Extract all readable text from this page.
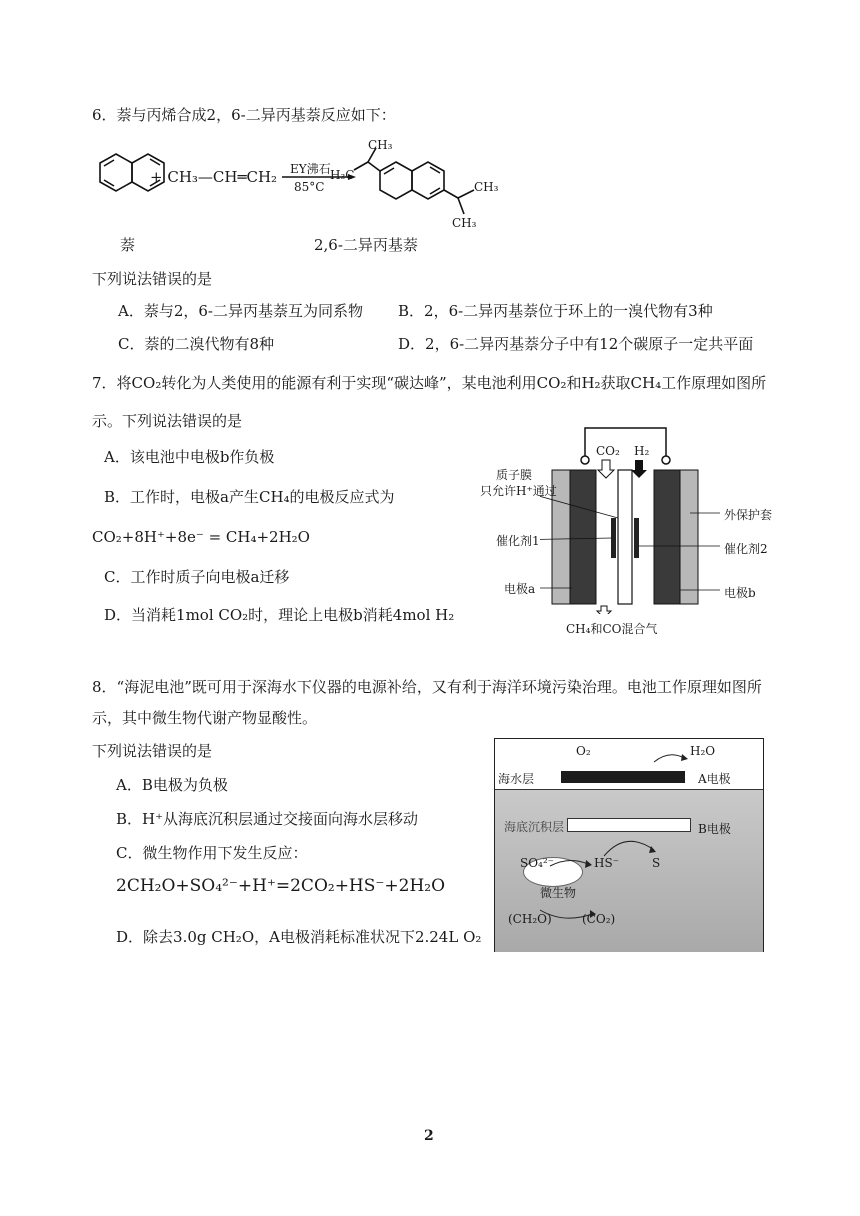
6．萘与丙烯合成2，6-二异丙基萘反应如下：
+ CH₃—CH═CH₂ EY沸石
85°C
H₃C
CH₃
CH₃
CH₃
萘	2,6-二异丙基萘
下列说法错误的是
A．萘与2，6-二异丙基萘互为同系物 B．2，6-二异丙基萘位于环上的一溴代物有3种
C．萘的二溴代物有8种	D．2，6-二异丙基萘分子中有12个碳原子一定共平面
7．将CO₂转化为人类使用的能源有利于实现“碳达峰”，某电池利用CO₂和H₂获取CH₄工作原理如图所
示。下列说法错误的是
A．该电池中电极b作负极
B．工作时，电极a产生CH₄的电极反应式为
CO₂+8H⁺+8e⁻ = CH₄+2H₂O
C．工作时质子向电极a迁移
D．当消耗1mol CO₂时，理论上电极b消耗4mol H₂
CO₂ H₂
质子膜
只允许H⁺通过
催化剂1
电极a
外保护套
催化剂2
电极b
CH₄和CO混合气
8．“海泥电池”既可用于深海水下仪器的电源补给，又有利于海洋环境污染治理。电池工作原理如图所
示，其中微生物代谢产物显酸性。
下列说法错误的是
A．B电极为负极
B．H⁺从海底沉积层通过交接面向海水层移动
C．微生物作用下发生反应：
2CH₂O+SO₄²⁻+H⁺=2CO₂+HS⁻+2H₂O
D．除去3.0g CH₂O，A电极消耗标准状况下2.24L O₂
O₂	H₂O
海水层	A电极
海底沉积层	B电极
SO₄²⁻	HS⁻	S
微生物
(CH₂O)	(CO₂)
2
